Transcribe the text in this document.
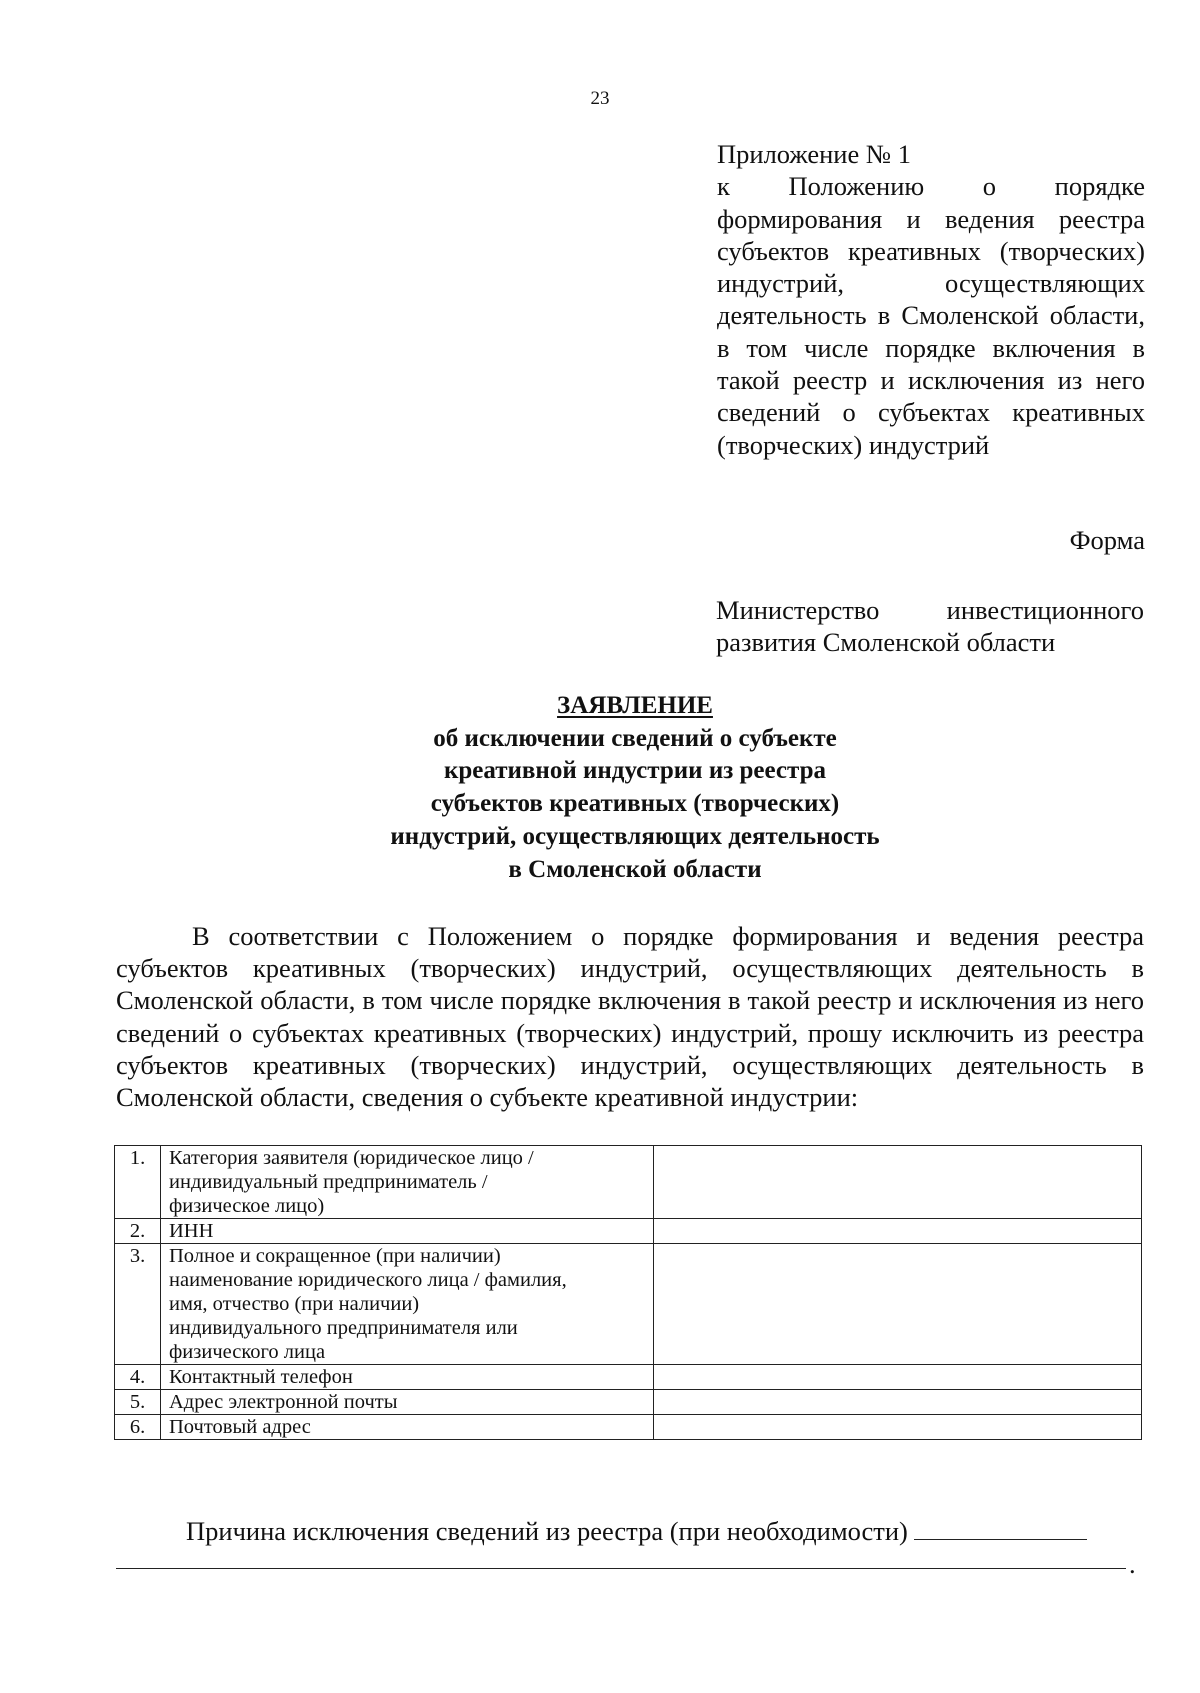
23
Приложение № 1
к Положению о порядке формирования и ведения реестра субъектов креативных (творческих) индустрий, осуществляющих деятельность в Смоленской области, в том числе порядке включения в такой реестр и исключения из него сведений о субъектах креативных (творческих) индустрий
Форма
Министерство инвестиционного развития Смоленской области
ЗАЯВЛЕНИЕ
об исключении сведений о субъекте
креативной индустрии из реестра
субъектов креативных (творческих)
индустрий, осуществляющих деятельность
в Смоленской области
В соответствии с Положением о порядке формирования и ведения реестра субъектов креативных (творческих) индустрий, осуществляющих деятельность в Смоленской области, в том числе порядке включения в такой реестр и исключения из него сведений о субъектах креативных (творческих) индустрий, прошу исключить из реестра субъектов креативных (творческих) индустрий, осуществляющих деятельность в Смоленской области, сведения о субъекте креативной индустрии:
1.	Категория заявителя (юридическое лицо /
индивидуальный предприниматель /
физическое лицо)	

2.	ИНН	

3.	Полное и сокращенное (при наличии)
наименование юридического лица / фамилия,
имя, отчество (при наличии)
индивидуального предпринимателя или
физического лица	

4.	Контактный телефон	

5.	Адрес электронной почты	

6.	Почтовый адрес	

Причина исключения сведений из реестра (при необходимости)
.
